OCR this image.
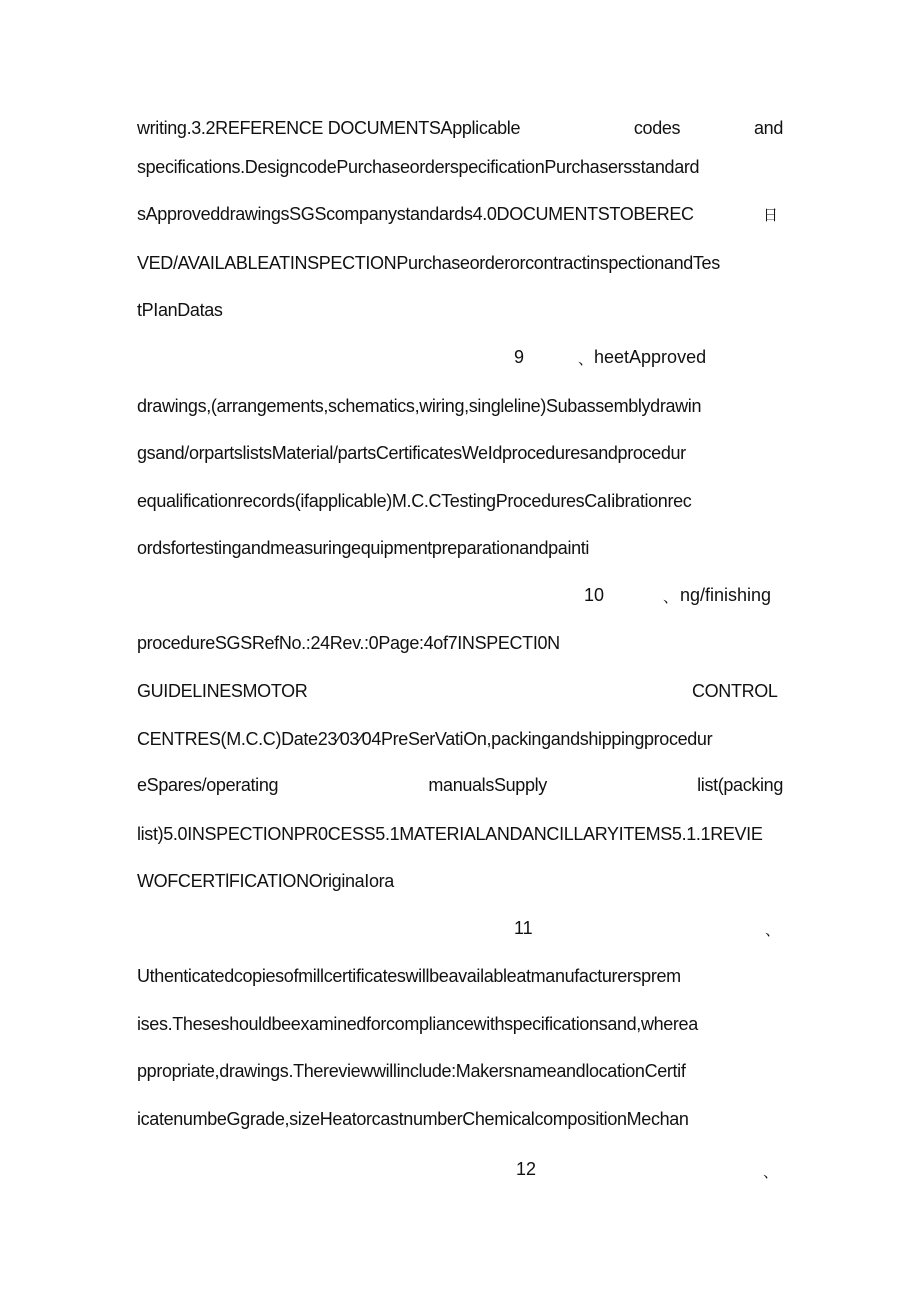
writing.3.2REFERENCE DOCUMENTSApplicable	codes	and
specifications.DesigncodePurchaseorderspecificationPurchasersstandard
sApproveddrawingsSGScompanystandards4.0DOCUMENTSTOBEREC	日
VED/AVAILABLEATINSPECTIONPurchaseorderorcontractinspectionandTes
tPIanDatas
9	、 heetApproved
drawings,(arrangements,schematics,wiring,singleline)Subassemblydrawin
gsand/orpartslistsMaterial/partsCertificatesWeIdproceduresandprocedur
equalificationrecords(ifapplicable)M.C.CTestingProceduresCaIibrationrec
ordsfortestingandmeasuringequipmentpreparationandpainti
10	、 ng/finishing
procedureSGSRefNo.:24Rev.:0Page:4of7INSPECTI0N
GUIDELINESMOTOR	CONTROL
CENTRES(M.C.C)Date23∕03∕04PreSerVatiOn,packingandshippingprocedur
eSpares/operating	manualsSupply	list(packing
list)5.0INSPECTIONPR0CESS5.1MATERIALANDANCILLARYITEMS5.1.1REVIE
WOFCERTlFICATIONOriginaIora
11	、
Uthenticatedcopiesofmillcertificateswillbeavailableatmanufacturersprem
ises.Theseshouldbeexaminedforcompliancewithspecificationsand,wherea
ppropriate,drawings.Thereviewwillinclude:MakersnameandlocationCertif
icatenumbeGgrade,sizeHeatorcastnumberChemicalcompositionMechan
12	、
